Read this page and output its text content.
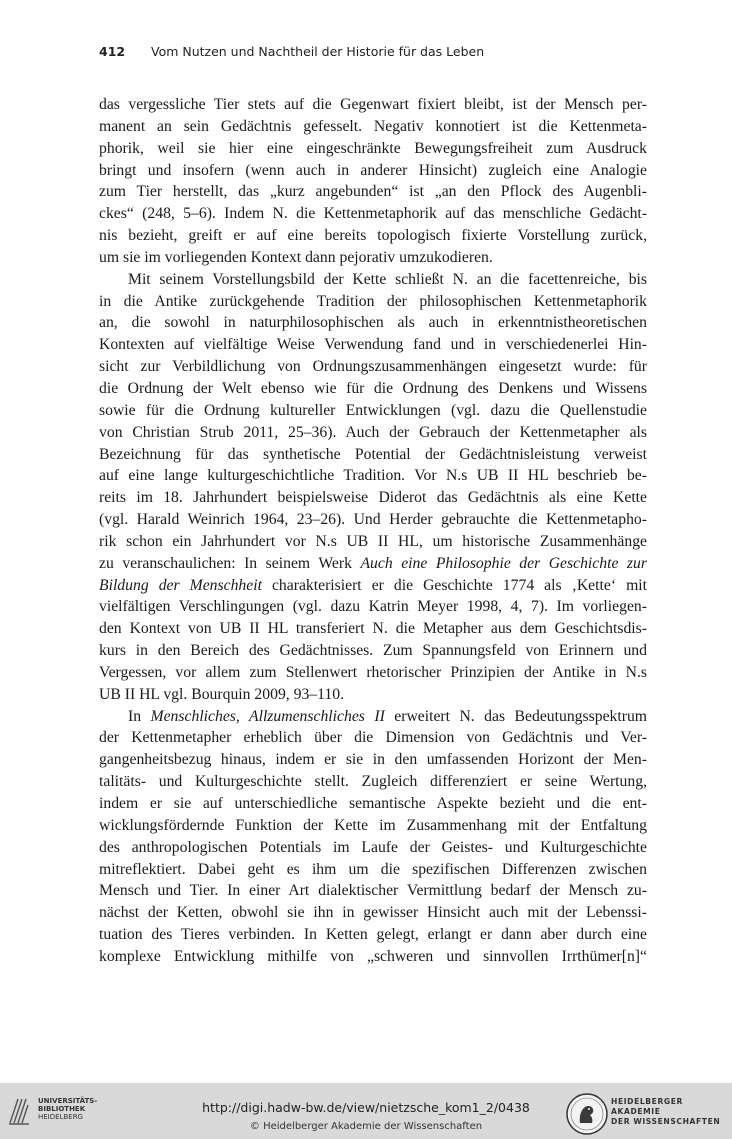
412 Vom Nutzen und Nachtheil der Historie für das Leben
das vergessliche Tier stets auf die Gegenwart fixiert bleibt, ist der Mensch per-
manent an sein Gedächtnis gefesselt. Negativ konnotiert ist die Kettenmeta-
phorik, weil sie hier eine eingeschränkte Bewegungsfreiheit zum Ausdruck
bringt und insofern (wenn auch in anderer Hinsicht) zugleich eine Analogie
zum Tier herstellt, das „kurz angebunden“ ist „an den Pflock des Augenbli-
ckes“ (248, 5–6). Indem N. die Kettenmetaphorik auf das menschliche Gedächt-
nis bezieht, greift er auf eine bereits topologisch fixierte Vorstellung zurück,
um sie im vorliegenden Kontext dann pejorativ umzukodieren.
Mit seinem Vorstellungsbild der Kette schließt N. an die facettenreiche, bis
in die Antike zurückgehende Tradition der philosophischen Kettenmetaphorik
an, die sowohl in naturphilosophischen als auch in erkenntnistheoretischen
Kontexten auf vielfältige Weise Verwendung fand und in verschiedenerlei Hin-
sicht zur Verbildlichung von Ordnungszusammenhängen eingesetzt wurde: für
die Ordnung der Welt ebenso wie für die Ordnung des Denkens und Wissens
sowie für die Ordnung kultureller Entwicklungen (vgl. dazu die Quellenstudie
von Christian Strub 2011, 25–36). Auch der Gebrauch der Kettenmetapher als
Bezeichnung für das synthetische Potential der Gedächtnisleistung verweist
auf eine lange kulturgeschichtliche Tradition. Vor N.s UB II HL beschrieb be-
reits im 18. Jahrhundert beispielsweise Diderot das Gedächtnis als eine Kette
(vgl. Harald Weinrich 1964, 23–26). Und Herder gebrauchte die Kettenmetapho-
rik schon ein Jahrhundert vor N.s UB II HL, um historische Zusammenhänge
zu veranschaulichen: In seinem Werk Auch eine Philosophie der Geschichte zur
Bildung der Menschheit charakterisiert er die Geschichte 1774 als ‚Kette‘ mit
vielfältigen Verschlingungen (vgl. dazu Katrin Meyer 1998, 4, 7). Im vorliegen-
den Kontext von UB II HL transferiert N. die Metapher aus dem Geschichtsdis-
kurs in den Bereich des Gedächtnisses. Zum Spannungsfeld von Erinnern und
Vergessen, vor allem zum Stellenwert rhetorischer Prinzipien der Antike in N.s
UB II HL vgl. Bourquin 2009, 93–110.
In Menschliches, Allzumenschliches II erweitert N. das Bedeutungsspektrum
der Kettenmetapher erheblich über die Dimension von Gedächtnis und Ver-
gangenheitsbezug hinaus, indem er sie in den umfassenden Horizont der Men-
talitäts- und Kulturgeschichte stellt. Zugleich differenziert er seine Wertung,
indem er sie auf unterschiedliche semantische Aspekte bezieht und die ent-
wicklungsfördernde Funktion der Kette im Zusammenhang mit der Entfaltung
des anthropologischen Potentials im Laufe der Geistes- und Kulturgeschichte
mitreflektiert. Dabei geht es ihm um die spezifischen Differenzen zwischen
Mensch und Tier. In einer Art dialektischer Vermittlung bedarf der Mensch zu-
nächst der Ketten, obwohl sie ihn in gewisser Hinsicht auch mit der Lebenssi-
tuation des Tieres verbinden. In Ketten gelegt, erlangt er dann aber durch eine
komplexe Entwicklung mithilfe von „schweren und sinnvollen Irrthümer[n]“
UNIVERSITÄTS-
BIBLIOTHEK
HEIDELBERG
http://digi.hadw-bw.de/view/nietzsche_kom1_2/0438
© Heidelberger Akademie der Wissenschaften
HEIDELBERGER AKADEMIE
DER WISSENSCHAFTEN
